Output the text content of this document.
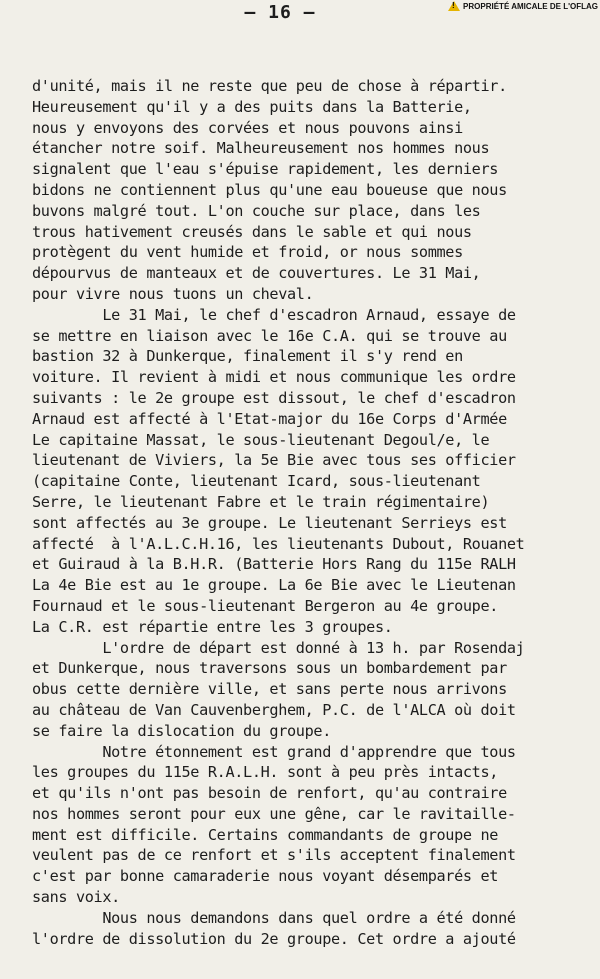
— 16 —
!	PROPRIÉTÉ AMICALE DE L'OFLAG
d'unité, mais il ne reste que peu de chose à répartir.
Heureusement qu'il y a des puits dans la Batterie,
nous y envoyons des corvées et nous pouvons ainsi
étancher notre soif. Malheureusement nos hommes nous
signalent que l'eau s'épuise rapidement, les derniers
bidons ne contiennent plus qu'une eau boueuse que nous
buvons malgré tout. L'on couche sur place, dans les
trous hativement creusés dans le sable et qui nous
protègent du vent humide et froid, or nous sommes
dépourvus de manteaux et de couvertures. Le 31 Mai,
pour vivre nous tuons un cheval.
Le 31 Mai, le chef d'escadron Arnaud, essaye de
se mettre en liaison avec le 16e C.A. qui se trouve au
bastion 32 à Dunkerque, finalement il s'y rend en
voiture. Il revient à midi et nous communique les ordre
suivants : le 2e groupe est dissout, le chef d'escadron
Arnaud est affecté à l'Etat-major du 16e Corps d'Armée
Le capitaine Massat, le sous-lieutenant Degoul/e, le
lieutenant de Viviers, la 5e Bie avec tous ses officier
(capitaine Conte, lieutenant Icard, sous-lieutenant
Serre, le lieutenant Fabre et le train régimentaire)
sont affectés au 3e groupe. Le lieutenant Serrieys est
affecté  à l'A.L.C.H.16, les lieutenants Dubout, Rouanet
et Guiraud à la B.H.R. (Batterie Hors Rang du 115e RALH
La 4e Bie est au 1e groupe. La 6e Bie avec le Lieutenan
Fournaud et le sous-lieutenant Bergeron au 4e groupe.
La C.R. est répartie entre les 3 groupes.
L'ordre de départ est donné à 13 h. par Rosendaj
et Dunkerque, nous traversons sous un bombardement par
obus cette dernière ville, et sans perte nous arrivons
au château de Van Cauvenberghem, P.C. de l'ALCA où doit
se faire la dislocation du groupe.
Notre étonnement est grand d'apprendre que tous
les groupes du 115e R.A.L.H. sont à peu près intacts,
et qu'ils n'ont pas besoin de renfort, qu'au contraire
nos hommes seront pour eux une gêne, car le ravitaille-
ment est difficile. Certains commandants de groupe ne
veulent pas de ce renfort et s'ils acceptent finalement
c'est par bonne camaraderie nous voyant désemparés et
sans voix.
Nous nous demandons dans quel ordre a été donné
l'ordre de dissolution du 2e groupe. Cet ordre a ajouté
